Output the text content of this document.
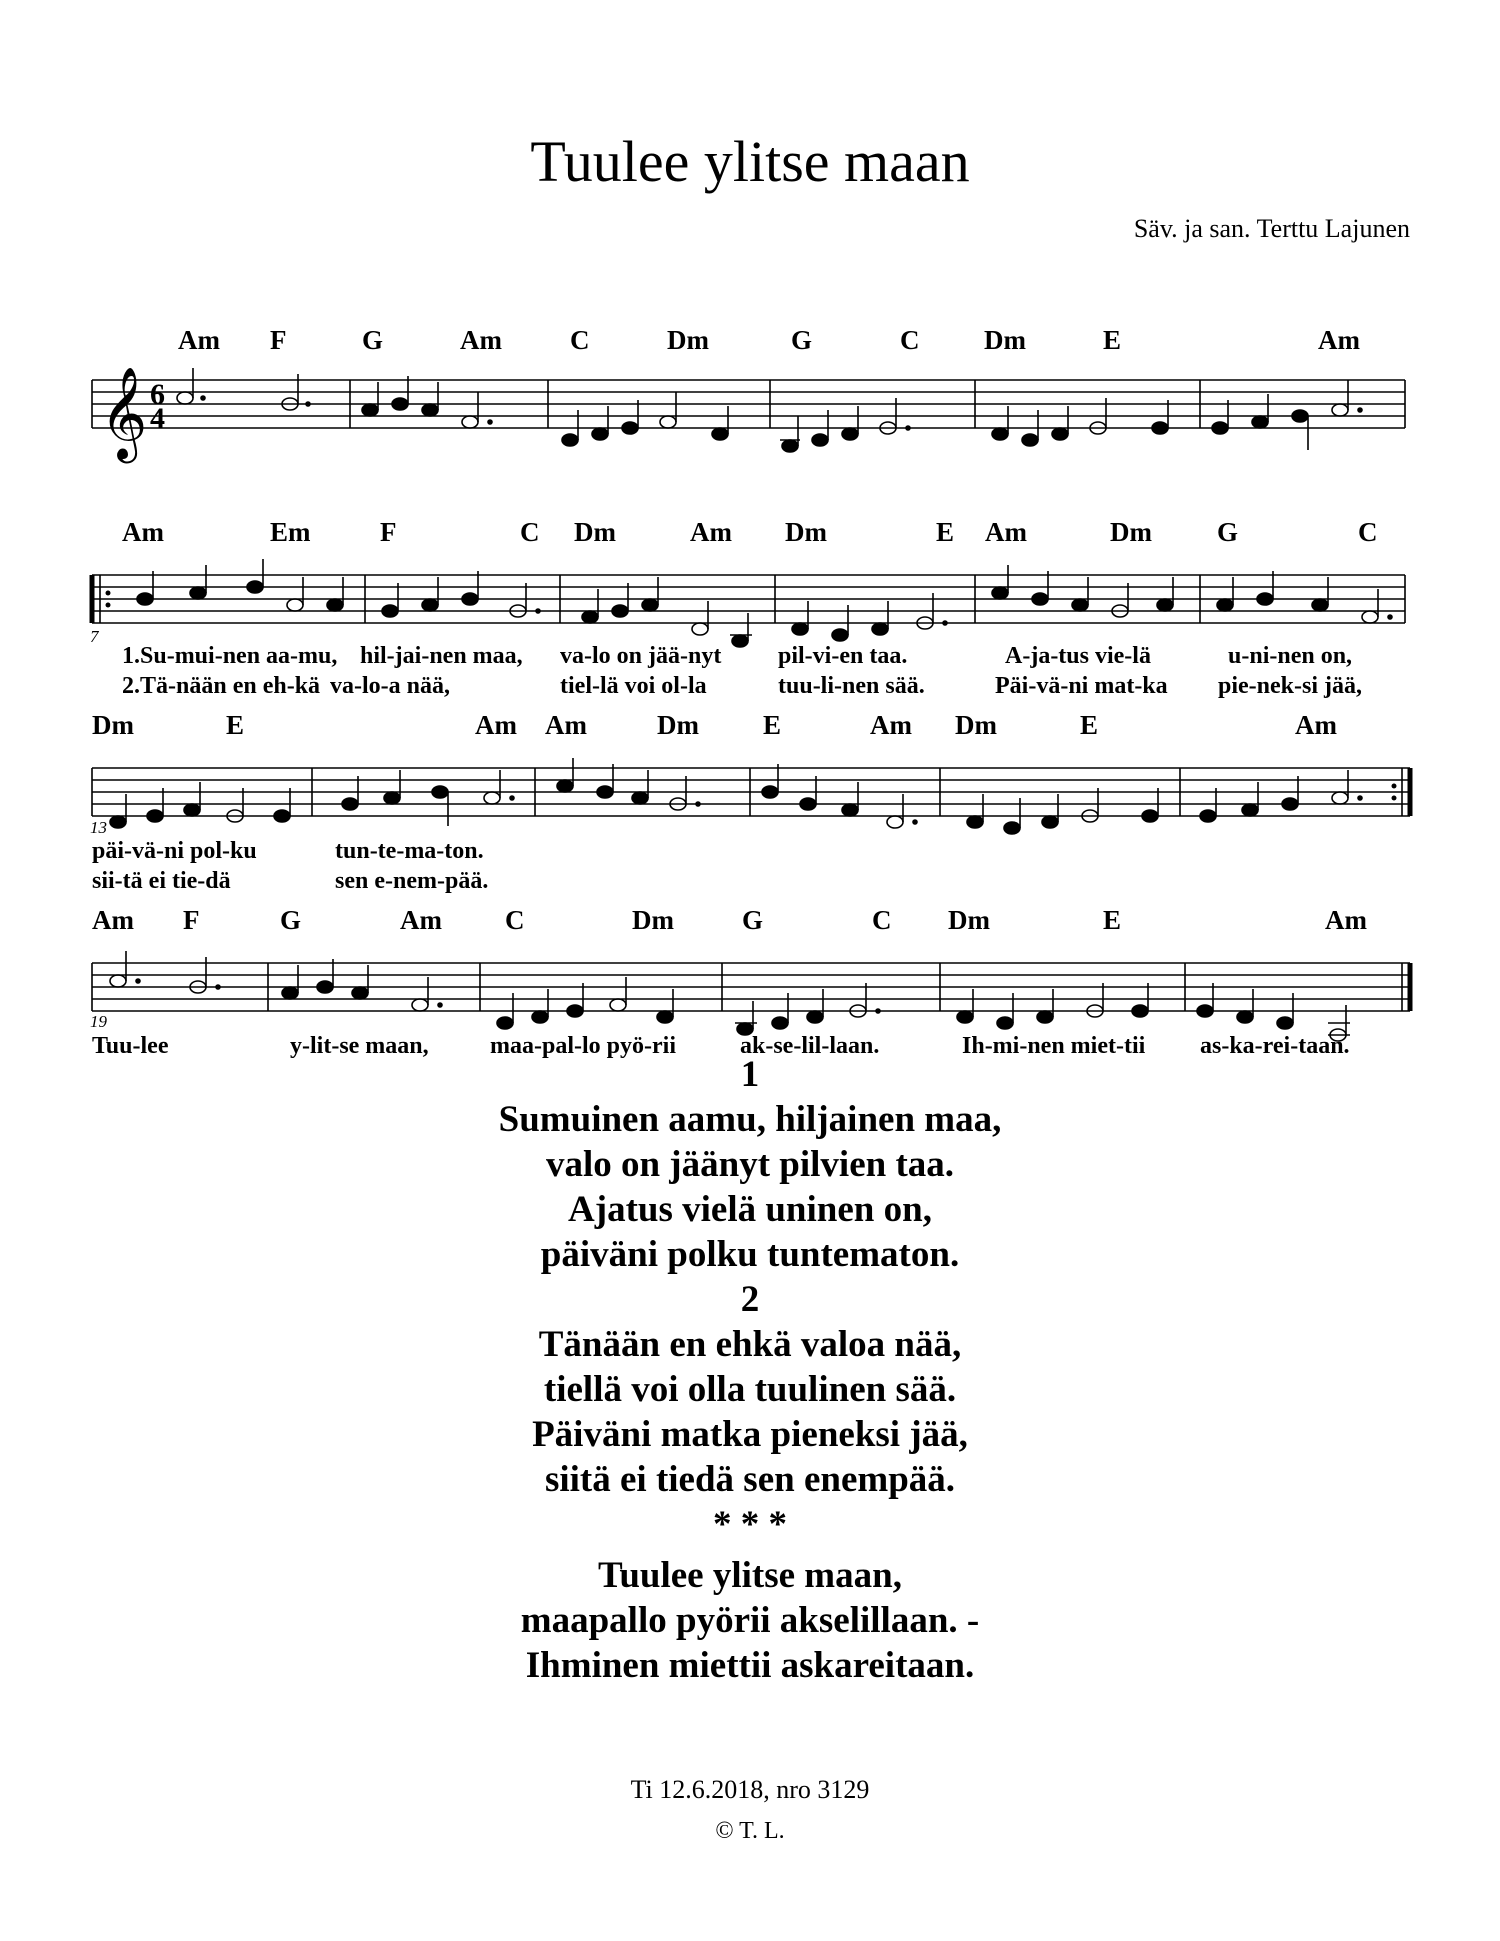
Tuulee ylitse maan
Säv. ja san. Terttu Lajunen
Am F	G	Am	C	Dm	G	C Dm	E	Am
𝄞 6
4
Am	Em	F	C Dm	Am Dm	E Am	Dm G	C
7
1.Su-mui-nen aa-mu, hil-jai-nen maa, va-lo on jää-nyt pil-vi-en taa.	A-ja-tus vie-lä	u-ni-nen on,
2.Tä-nään en eh-kä va-lo-a nää,	tiel-lä voi ol-la	tuu-li-nen sää.	Päi-vä-ni mat-ka pie-nek-si jää,
Dm	E	Am Am	Dm E	Am Dm	E	Am
13
päi-vä-ni pol-ku	tun-te-ma-ton.
sii-tä ei tie-dä	sen e-nem-pää.
Am F	G	Am C	Dm	G	C Dm	E	Am
19
Tuu-lee	y-lit-se maan,	maa-pal-lo pyö-rii	ak-se-lil-laan.	Ih-mi-nen miet-tii as-ka-rei-taan.
1
Sumuinen aamu, hiljainen maa,
valo on jäänyt pilvien taa.
Ajatus vielä uninen on,
päiväni polku tuntematon.
2
Tänään en ehkä valoa nää,
tiellä voi olla tuulinen sää.
Päiväni matka pieneksi jää,
siitä ei tiedä sen enempää.
* * *
Tuulee ylitse maan,
maapallo pyörii akselillaan. -
Ihminen miettii askareitaan.
Ti 12.6.2018, nro 3129
© T. L.
